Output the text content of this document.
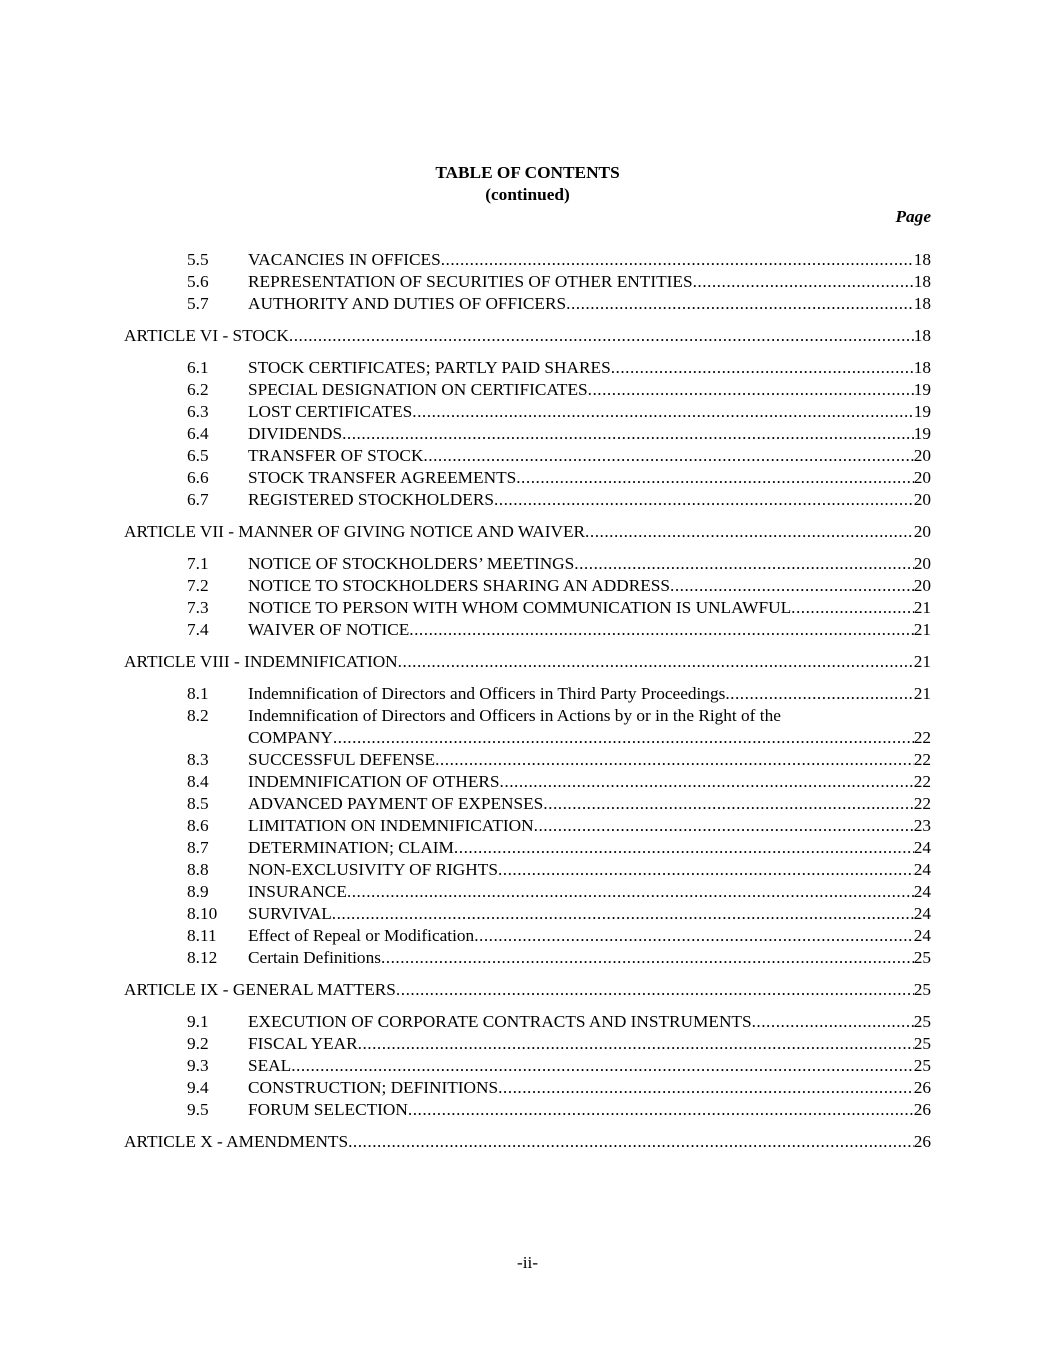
TABLE OF CONTENTS
(continued)
Page
5.5 VACANCIES IN OFFICES .....	18
5.6 REPRESENTATION OF SECURITIES OF OTHER ENTITIES .....	18
5.7 AUTHORITY AND DUTIES OF OFFICERS .....	18
ARTICLE VI - STOCK .....	18
6.1 STOCK CERTIFICATES; PARTLY PAID SHARES .....	18
6.2 SPECIAL DESIGNATION ON CERTIFICATES .....	19
6.3 LOST CERTIFICATES .....	19
6.4 DIVIDENDS .....	19
6.5 TRANSFER OF STOCK .....	20
6.6 STOCK TRANSFER AGREEMENTS .....	20
6.7 REGISTERED STOCKHOLDERS .....	20
ARTICLE VII - MANNER OF GIVING NOTICE AND WAIVER .....	20
7.1 NOTICE OF STOCKHOLDERS’ MEETINGS .....	20
7.2 NOTICE TO STOCKHOLDERS SHARING AN ADDRESS .....	20
7.3 NOTICE TO PERSON WITH WHOM COMMUNICATION IS UNLAWFUL .....	21
7.4 WAIVER OF NOTICE .....	21
ARTICLE VIII - INDEMNIFICATION .....	21
8.1 Indemnification of Directors and Officers in Third Party Proceedings .....	21
8.2 Indemnification of Directors and Officers in Actions by or in the Right of the
COMPANY .....	22
8.3 SUCCESSFUL DEFENSE .....	22
8.4 INDEMNIFICATION OF OTHERS .....	22
8.5 ADVANCED PAYMENT OF EXPENSES .....	22
8.6 LIMITATION ON INDEMNIFICATION .....	23
8.7 DETERMINATION; CLAIM .....	24
8.8 NON-EXCLUSIVITY OF RIGHTS .....	24
8.9 INSURANCE .....	24
8.10 SURVIVAL .....	24
8.11 Effect of Repeal or Modification .....	24
8.12 Certain Definitions .....	25
ARTICLE IX - GENERAL MATTERS .....	25
9.1 EXECUTION OF CORPORATE CONTRACTS AND INSTRUMENTS .....	25
9.2 FISCAL YEAR .....	25
9.3 SEAL .....	25
9.4 CONSTRUCTION; DEFINITIONS .....	26
9.5 FORUM SELECTION .....	26
ARTICLE X - AMENDMENTS .....	26
-ii-
